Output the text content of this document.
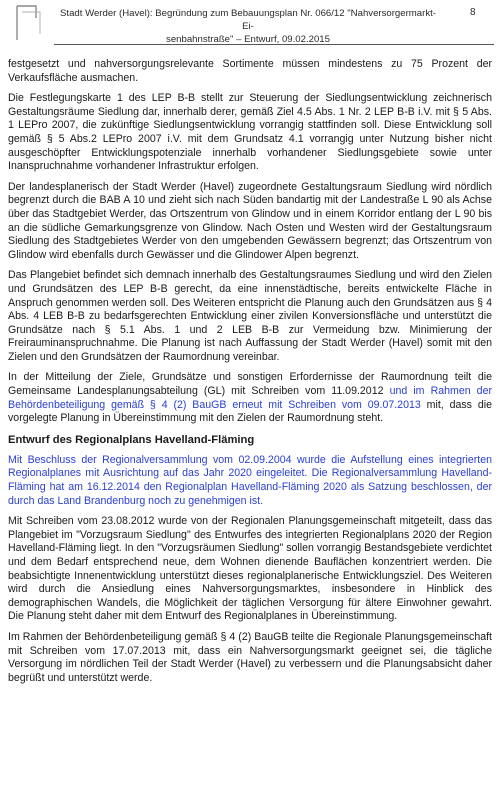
Stadt Werder (Havel): Begründung zum Bebauungsplan Nr. 066/12 "Nahversorgermarkt- Ei-
senbahnstraße" – Entwurf, 09.02.2015
8

festgesetzt und nahversorgungsrelevante Sortimente müssen mindestens zu 75 Prozent der Verkaufsfläche ausmachen.

Die Festlegungskarte 1 des LEP B-B stellt zur Steuerung der Siedlungsentwicklung zeichnerisch Gestaltungsräume Siedlung dar, innerhalb derer, gemäß Ziel 4.5 Abs. 1 Nr. 2 LEP B-B i.V. mit § 5 Abs. 1 LEPro 2007, die zukünftige Siedlungsentwicklung vorrangig stattfinden soll. Diese Entwicklung soll gemäß § 5 Abs.2 LEPro 2007 i.V. mit dem Grundsatz 4.1 vorrangig unter Nutzung bisher nicht ausgeschöpfter Entwicklungspotenziale innerhalb vorhandener Siedlungsgebiete sowie unter Inanspruchnahme vorhandener Infrastruktur erfolgen.

Der landesplanerisch der Stadt Werder (Havel) zugeordnete Gestaltungsraum Siedlung wird nördlich begrenzt durch die BAB A 10 und zieht sich nach Süden bandartig mit der Landestraße L 90 als Achse über das Stadtgebiet Werder, das Ortszentrum von Glindow und in einem Korridor entlang der L 90 bis an die südliche Gemarkungsgrenze von Glindow. Nach Osten und Westen wird der Gestaltungsraum Siedlung des Stadtgebietes Werder von den umgebenden Gewässern begrenzt; das Ortszentrum von Glindow wird ebenfalls durch Gewässer und die Glindower Alpen begrenzt.

Das Plangebiet befindet sich demnach innerhalb des Gestaltungsraumes Siedlung und wird den Zielen und Grundsätzen des LEP B-B gerecht, da eine innenstädtische, bereits entwickelte Fläche in Anspruch genommen werden soll. Des Weiteren entspricht die Planung auch den Grundsätzen aus § 4 Abs. 4 LEB B-B zu bedarfsgerechten Entwicklung einer zivilen Konversionsfläche und unterstützt die Grundsätze nach § 5.1 Abs. 1 und 2 LEB B-B zur Vermeidung bzw. Minimierung der Freirauminanspruchnahme. Die Planung ist nach Auffassung der Stadt Werder (Havel) somit mit den Zielen und den Grundsätzen der Raumordnung vereinbar.

In der Mitteilung der Ziele, Grundsätze und sonstigen Erfordernisse der Raumordnung teilt die Gemeinsame Landesplanungsabteilung (GL) mit Schreiben vom 11.09.2012 und im Rahmen der Behördenbeteiligung gemäß § 4 (2) BauGB erneut mit Schreiben vom 09.07.2013 mit, dass die vorgelegte Planung in Übereinstimmung mit den Zielen der Raumordnung steht.

Entwurf des Regionalplans Havelland-Fläming

Mit Beschluss der Regionalversammlung vom 02.09.2004 wurde die Aufstellung eines integrierten Regionalplanes mit Ausrichtung auf das Jahr 2020 eingeleitet. Die Regionalversammlung Havelland-Fläming hat am 16.12.2014 den Regionalplan Havelland-Fläming 2020 als Satzung beschlossen, der durch das Land Brandenburg noch zu genehmigen ist.

Mit Schreiben vom 23.08.2012 wurde von der Regionalen Planungsgemeinschaft mitgeteilt, dass das Plangebiet im "Vorzugsraum Siedlung" des Entwurfes des integrierten Regionalplans 2020 der Region Havelland-Fläming liegt. In den "Vorzugsräumen Siedlung" sollen vorrangig Bestandsgebiete verdichtet und dem Bedarf entsprechend neue, dem Wohnen dienende Bauflächen konzentriert werden. Die beabsichtigte Innenentwicklung unterstützt dieses regionalplanerische Entwicklungsziel. Des Weiteren wird durch die Ansiedlung eines Nahversorgungsmarktes, insbesondere in Hinblick des demographischen Wandels, die Möglichkeit der täglichen Versorgung für ältere Einwohner gewahrt. Die Planung steht daher mit dem Entwurf des Regionalplanes in Übereinstimmung.

Im Rahmen der Behördenbeteiligung gemäß § 4 (2) BauGB teilte die Regionale Planungsgemeinschaft mit Schreiben vom 17.07.2013 mit, dass ein Nahversorgungsmarkt geeignet sei, die tägliche Versorgung im nördlichen Teil der Stadt Werder (Havel) zu verbessern und die Planungsabsicht daher begrüßt und unterstützt werde.
